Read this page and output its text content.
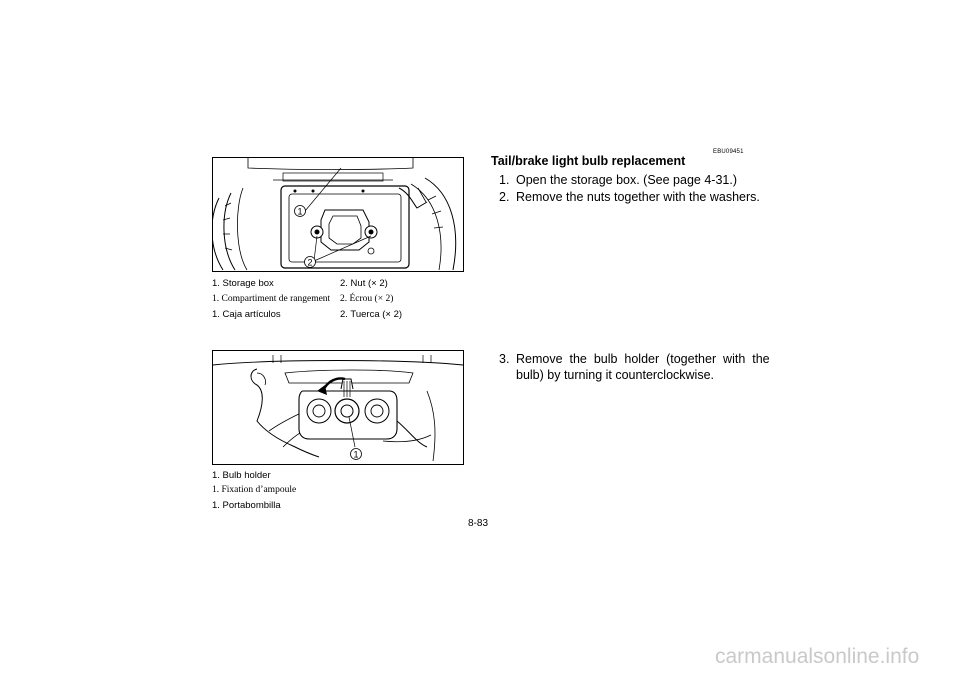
1
2
1. Storage box	2. Nut (× 2)
1. Compartiment de rangement 2. Écrou (× 2)
1. Caja artículos	2. Tuerca (× 2)
1
1. Bulb holder
1. Fixation d’ampoule
1. Portabombilla
EBU09451
Tail/brake light bulb replacement
1. Open the storage box. (See page 4-31.)
2. Remove the nuts together with the washers.
3. Remove  the  bulb  holder  (together  with  the
bulb) by turning it counterclockwise.
8-83
carmanualsonline.info
